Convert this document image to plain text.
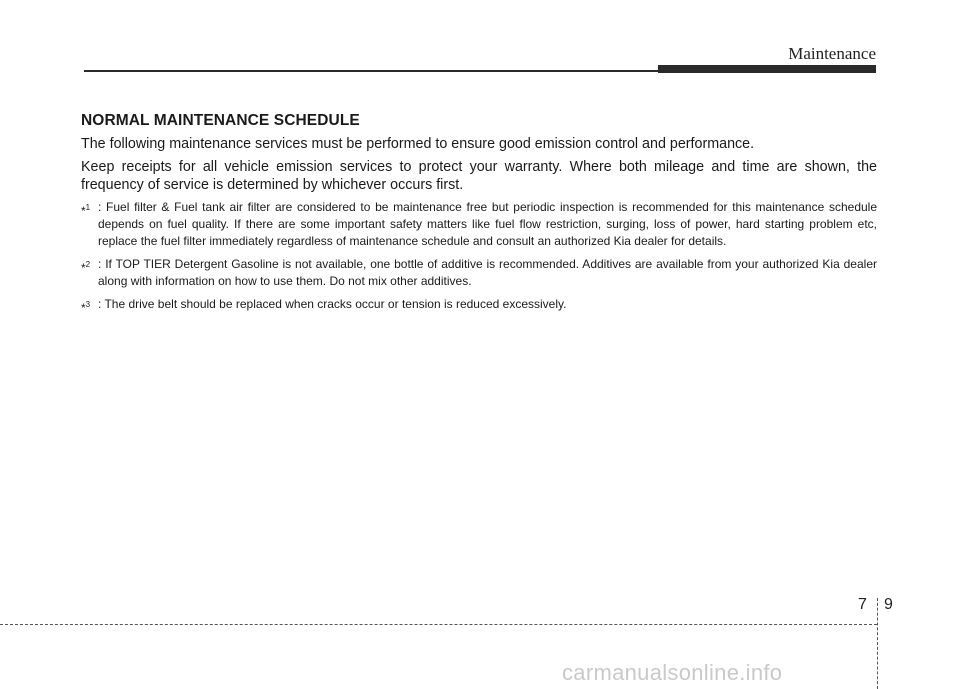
Maintenance
NORMAL MAINTENANCE SCHEDULE

The following maintenance services must be performed to ensure good emission control and performance.

Keep receipts for all vehicle emission services to protect your warranty. Where both mileage and time are shown, the frequency of service is determined by whichever occurs first.

*$^1$ : Fuel filter & Fuel tank air filter are considered to be maintenance free but periodic inspection is recommended for this maintenance schedule depends on fuel quality. If there are some important safety matters like fuel flow restriction, surging, loss of power, hard starting problem etc, replace the fuel filter immediately regardless of maintenance schedule and consult an authorized Kia dealer for details.
*$^2$ : If TOP TIER Detergent Gasoline is not available, one bottle of additive is recommended. Additives are available from your authorized Kia dealer along with information on how to use them. Do not mix other additives.
*$^3$ : The drive belt should be replaced when cracks occur or tension is reduced excessively.
7 9
carmanualsonline.info
